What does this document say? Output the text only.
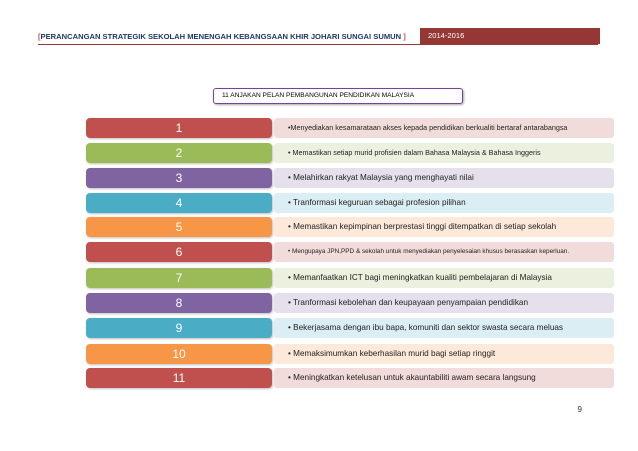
[PERANCANGAN STRATEGIK SEKOLAH MENENGAH KEBANGSAAN KHIR JOHARI SUNGAI SUMUN ]	2014-2016
11 ANJAKAN PELAN PEMBANGUNAN PENDIDIKAN MALAYSIA
1	•Menyediakan kesamarataan akses kepada pendidikan berkualiti bertaraf antarabangsa
2	• Memastikan setiap murid profisien dalam Bahasa Malaysia & Bahasa Inggeris
3	• Melahirkan rakyat Malaysia yang menghayati nilai
4	• Tranformasi keguruan sebagai profesion pilihan
5	• Memastikan kepimpinan berprestasi tinggi ditempatkan di setiap sekolah
6	• Mengupaya JPN,PPD & sekolah untuk menyediakan penyelesaian khusus berasaskan keperluan.
7	• Memanfaatkan ICT bagi meningkatkan kualiti pembelajaran di Malaysia
8	• Tranformasi kebolehan dan keupayaan penyampaian pendidikan
9	• Bekerjasama dengan ibu bapa, komuniti dan sektor swasta secara meluas
10	• Memaksimumkan keberhasilan murid bagi setiap ringgit
11	• Meningkatkan ketelusan untuk akauntabiliti awam secara langsung
9
